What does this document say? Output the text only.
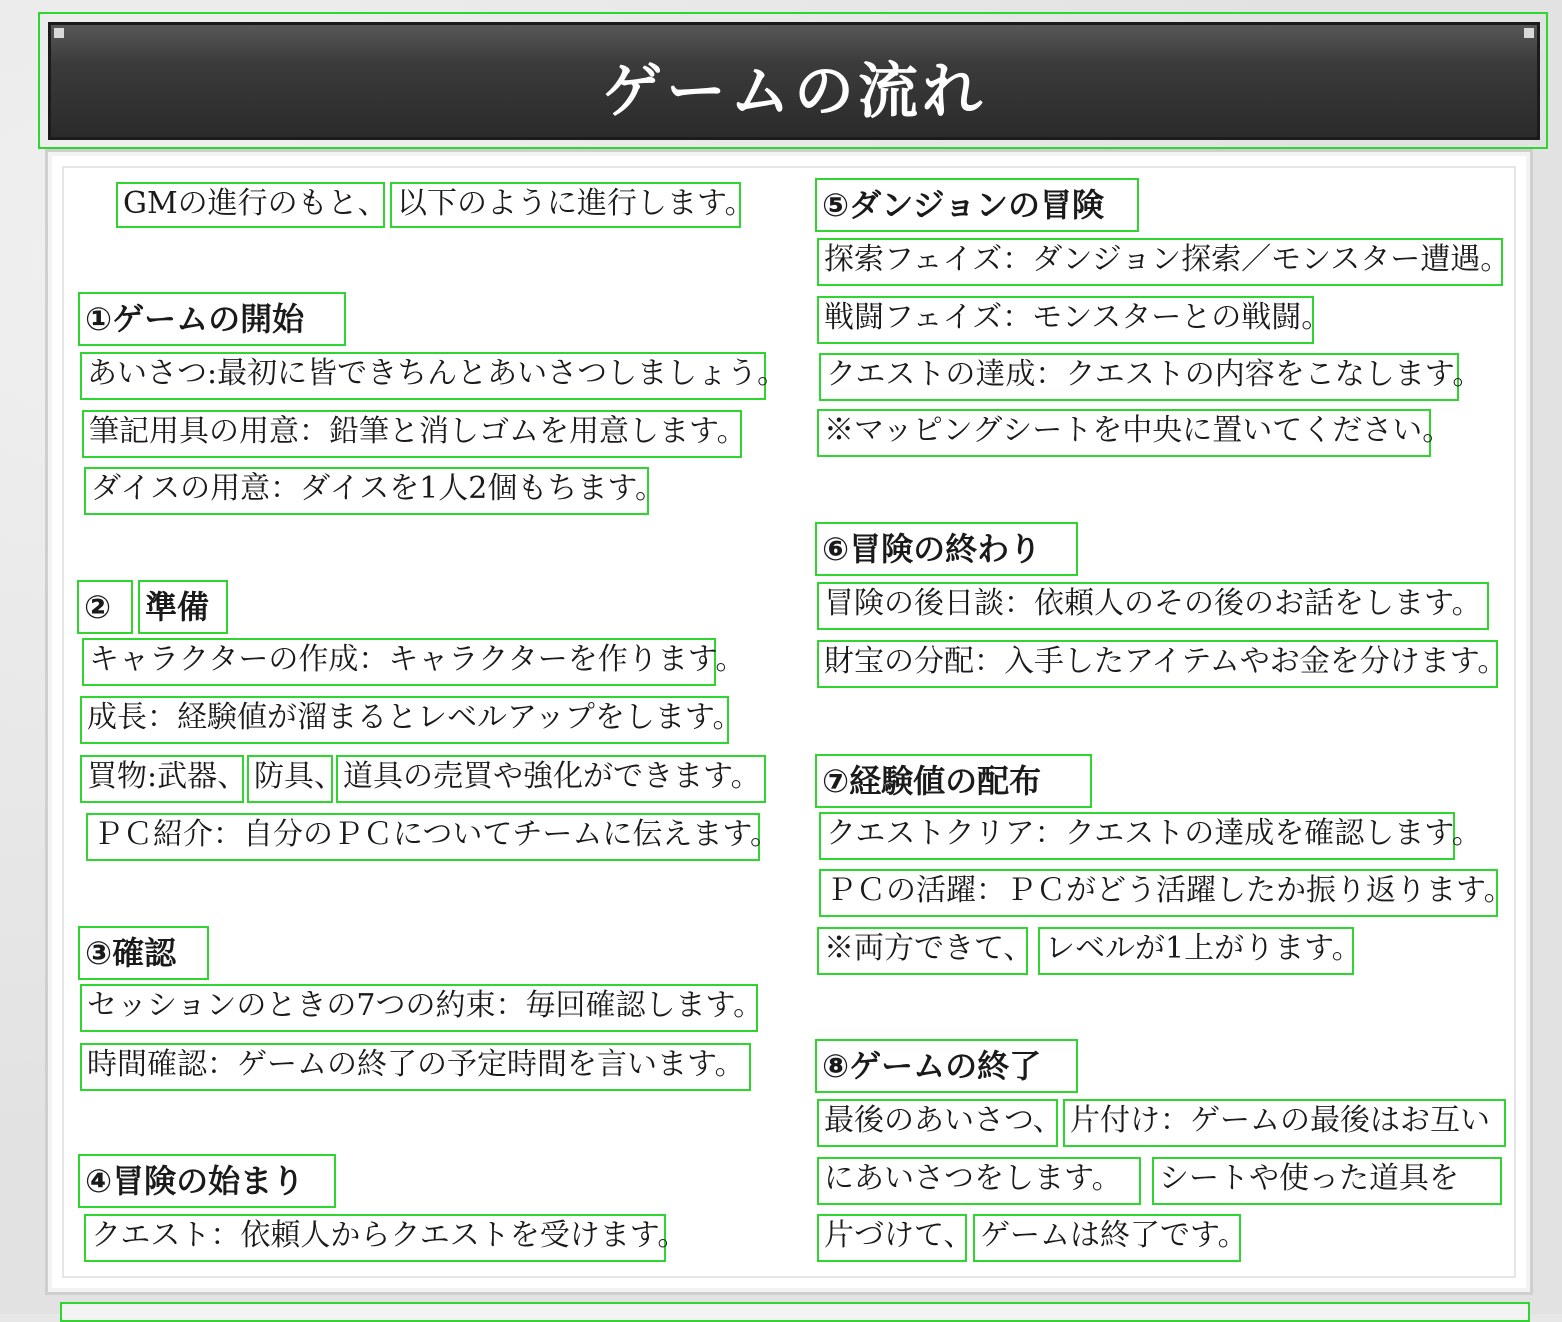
ゲームの流れ
GMの進行のもと、 以下のように進行します。
①ゲームの開始
あいさつ:最初に皆できちんとあいさつしましょう。
筆記用具の用意：鉛筆と消しゴムを用意します。
ダイスの用意：ダイスを1人2個もちます。
②	準備
キャラクターの作成：キャラクターを作ります。
成長：経験値が溜まるとレベルアップをします。
買物:武器、 防具、 道具の売買や強化ができます。
ＰＣ紹介：自分のＰＣについてチームに伝えます。
③確認
セッションのときの7つの約束：毎回確認します。
時間確認：ゲームの終了の予定時間を言います。
④冒険の始まり
クエスト：依頼人からクエストを受けます。
⑤ダンジョンの冒険
探索フェイズ：ダンジョン探索／モンスター遭遇。
戦闘フェイズ：モンスターとの戦闘。
クエストの達成：クエストの内容をこなします。
※マッピングシートを中央に置いてください。
⑥冒険の終わり
冒険の後日談：依頼人のその後のお話をします。
財宝の分配：入手したアイテムやお金を分けます。
⑦経験値の配布
クエストクリア：クエストの達成を確認します。
ＰＣの活躍：ＰＣがどう活躍したか振り返ります。
※両方できて、 レベルが1上がります。
⑧ゲームの終了
最後のあいさつ、 片付け：ゲームの最後はお互い
にあいさつをします。	シートや使った道具を
片づけて、 ゲームは終了です。
